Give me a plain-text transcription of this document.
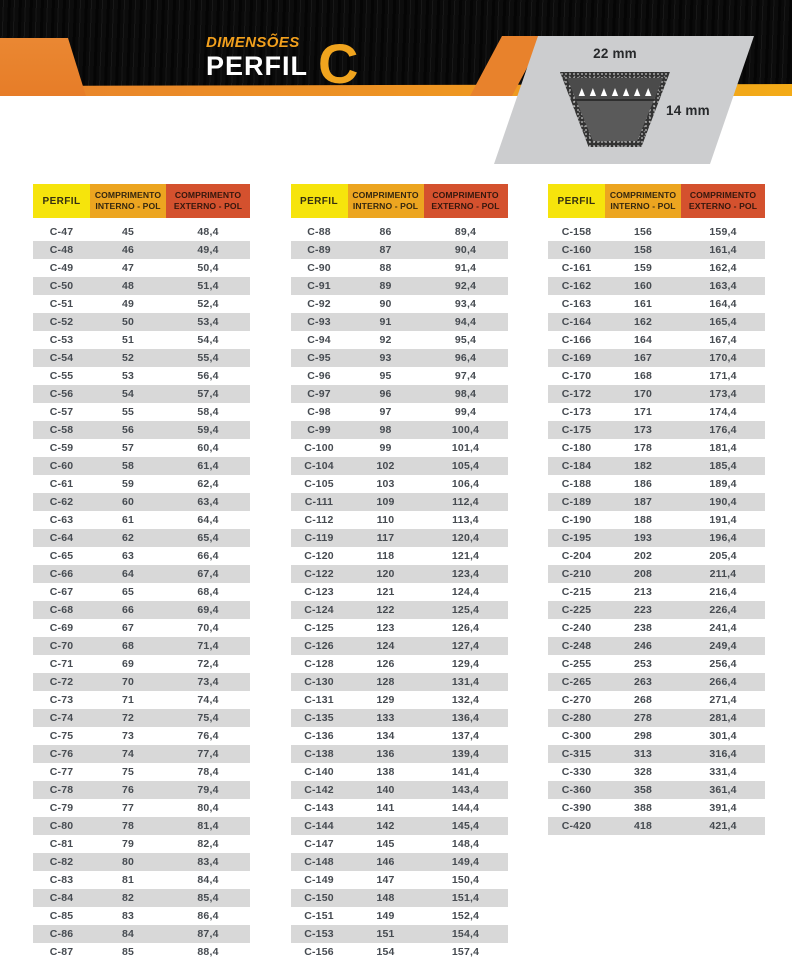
DIMENSÕES
PERFIL C	22 mm
14 mm
PERFIL
COMPRIMENTO
INTERNO - POL
COMPRIMENTO
EXTERNO - POL
C-47	45	48,4
C-48	46	49,4
C-49	47	50,4
C-50	48	51,4
C-51	49	52,4
C-52	50	53,4
C-53	51	54,4
C-54	52	55,4
C-55	53	56,4
C-56	54	57,4
C-57	55	58,4
C-58	56	59,4
C-59	57	60,4
C-60	58	61,4
C-61	59	62,4
C-62	60	63,4
C-63	61	64,4
C-64	62	65,4
C-65	63	66,4
C-66	64	67,4
C-67	65	68,4
C-68	66	69,4
C-69	67	70,4
C-70	68	71,4
C-71	69	72,4
C-72	70	73,4
C-73	71	74,4
C-74	72	75,4
C-75	73	76,4
C-76	74	77,4
C-77	75	78,4
C-78	76	79,4
C-79	77	80,4
C-80	78	81,4
C-81	79	82,4
C-82	80	83,4
C-83	81	84,4
C-84	82	85,4
C-85	83	86,4
C-86	84	87,4
C-87	85	88,4
PERFIL
COMPRIMENTO
INTERNO - POL
COMPRIMENTO
EXTERNO - POL
C-88	86	89,4
C-89	87	90,4
C-90	88	91,4
C-91	89	92,4
C-92	90	93,4
C-93	91	94,4
C-94	92	95,4
C-95	93	96,4
C-96	95	97,4
C-97	96	98,4
C-98	97	99,4
C-99	98	100,4
C-100	99	101,4
C-104	102	105,4
C-105	103	106,4
C-111	109	112,4
C-112	110	113,4
C-119	117	120,4
C-120	118	121,4
C-122	120	123,4
C-123	121	124,4
C-124	122	125,4
C-125	123	126,4
C-126	124	127,4
C-128	126	129,4
C-130	128	131,4
C-131	129	132,4
C-135	133	136,4
C-136	134	137,4
C-138	136	139,4
C-140	138	141,4
C-142	140	143,4
C-143	141	144,4
C-144	142	145,4
C-147	145	148,4
C-148	146	149,4
C-149	147	150,4
C-150	148	151,4
C-151	149	152,4
C-153	151	154,4
C-156	154	157,4
PERFIL
COMPRIMENTO
INTERNO - POL
COMPRIMENTO
EXTERNO - POL
C-158	156	159,4
C-160	158	161,4
C-161	159	162,4
C-162	160	163,4
C-163	161	164,4
C-164	162	165,4
C-166	164	167,4
C-169	167	170,4
C-170	168	171,4
C-172	170	173,4
C-173	171	174,4
C-175	173	176,4
C-180	178	181,4
C-184	182	185,4
C-188	186	189,4
C-189	187	190,4
C-190	188	191,4
C-195	193	196,4
C-204	202	205,4
C-210	208	211,4
C-215	213	216,4
C-225	223	226,4
C-240	238	241,4
C-248	246	249,4
C-255	253	256,4
C-265	263	266,4
C-270	268	271,4
C-280	278	281,4
C-300	298	301,4
C-315	313	316,4
C-330	328	331,4
C-360	358	361,4
C-390	388	391,4
C-420	418	421,4
